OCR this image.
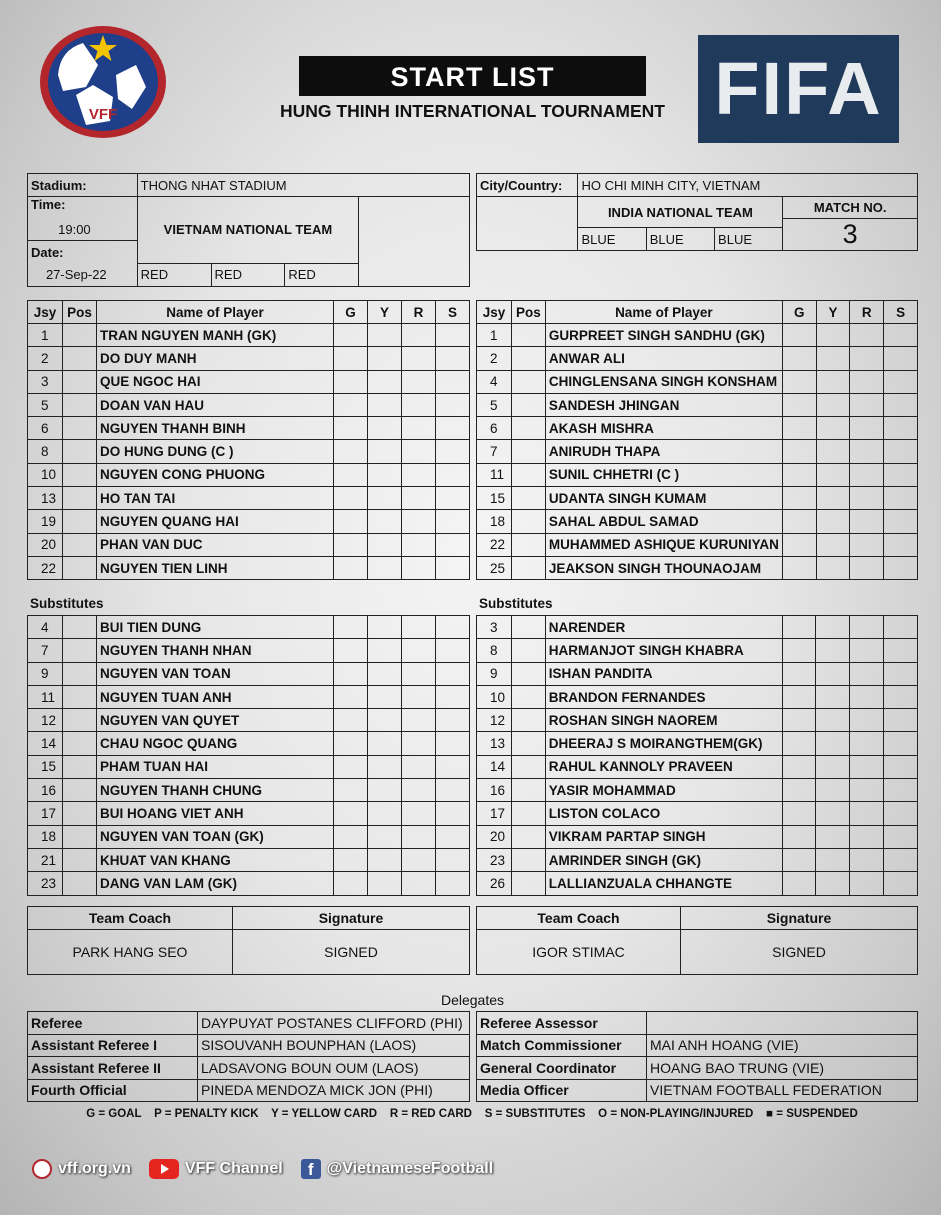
VFF
START LIST
HUNG THINH INTERNATIONAL TOURNAMENT FIFA
Stadium:	THONG NHAT STADIUM			
Time:	VIETNAM NATIONAL TEAM			
19:00				
Date:				
27-Sep-22	RED	RED	RED	
City/Country:	HO CHI MINH CITY, VIETNAM			
	INDIA NATIONAL TEAM			MATCH NO.
				3

	BLUE	BLUE	BLUE	
Jsy	Pos	Name of Player	G	Y	R	S
1		TRAN NGUYEN MANH (GK)				
2		DO DUY MANH				
3		QUE NGOC HAI				
5		DOAN VAN HAU				
6		NGUYEN THANH BINH				
8		DO HUNG DUNG (C )				
10		NGUYEN CONG PHUONG				
13		HO TAN TAI				
19		NGUYEN QUANG HAI				
20		PHAN VAN DUC				
22		NGUYEN TIEN LINH				
Jsy	Pos	Name of Player	G	Y	R	S
1		GURPREET SINGH SANDHU (GK)				
2		ANWAR ALI				
4		CHINGLENSANA SINGH KONSHAM				
5		SANDESH JHINGAN				
6		AKASH MISHRA				
7		ANIRUDH THAPA				
11		SUNIL CHHETRI (C )				
15		UDANTA SINGH KUMAM				
18		SAHAL ABDUL SAMAD				
22		MUHAMMED ASHIQUE KURUNIYAN				
25		JEAKSON SINGH THOUNAOJAM				
Substitutes	Substitutes
4		BUI TIEN DUNG				
7		NGUYEN THANH NHAN				
9		NGUYEN VAN TOAN				
11		NGUYEN TUAN ANH				
12		NGUYEN VAN QUYET				
14		CHAU NGOC QUANG				
15		PHAM TUAN HAI				
16		NGUYEN THANH CHUNG				
17		BUI HOANG VIET ANH				
18		NGUYEN VAN TOAN (GK)				
21		KHUAT VAN KHANG				
23		DANG VAN LAM (GK)				
3		NARENDER				
8		HARMANJOT SINGH KHABRA				
9		ISHAN PANDITA				
10		BRANDON FERNANDES				
12		ROSHAN SINGH NAOREM				
13		DHEERAJ S MOIRANGTHEM(GK)				
14		RAHUL KANNOLY PRAVEEN				
16		YASIR MOHAMMAD				
17		LISTON COLACO				
20		VIKRAM PARTAP SINGH				
23		AMRINDER SINGH (GK)				
26		LALLIANZUALA CHHANGTE				
Team Coach	Signature
PARK HANG SEO	SIGNED
Team Coach	Signature
IGOR STIMAC	SIGNED
Delegates
Referee	DAYPUYAT POSTANES CLIFFORD (PHI)
Assistant Referee I	SISOUVANH BOUNPHAN (LAOS)
Assistant Referee II	LADSAVONG BOUN OUM (LAOS)
Fourth Official	PINEDA MENDOZA MICK JON (PHI)
Referee Assessor	
Match Commissioner	MAI ANH HOANG (VIE)
General Coordinator	HOANG BAO TRUNG (VIE)
Media Officer	VIETNAM FOOTBALL FEDERATION
G = GOAL    P = PENALTY KICK    Y = YELLOW CARD    R = RED CARD    S = SUBSTITUTES    O = NON-PLAYING/INJURED    ■ = SUSPENDED
vff.org.vn	VFF Channel	f @VietnameseFootball
